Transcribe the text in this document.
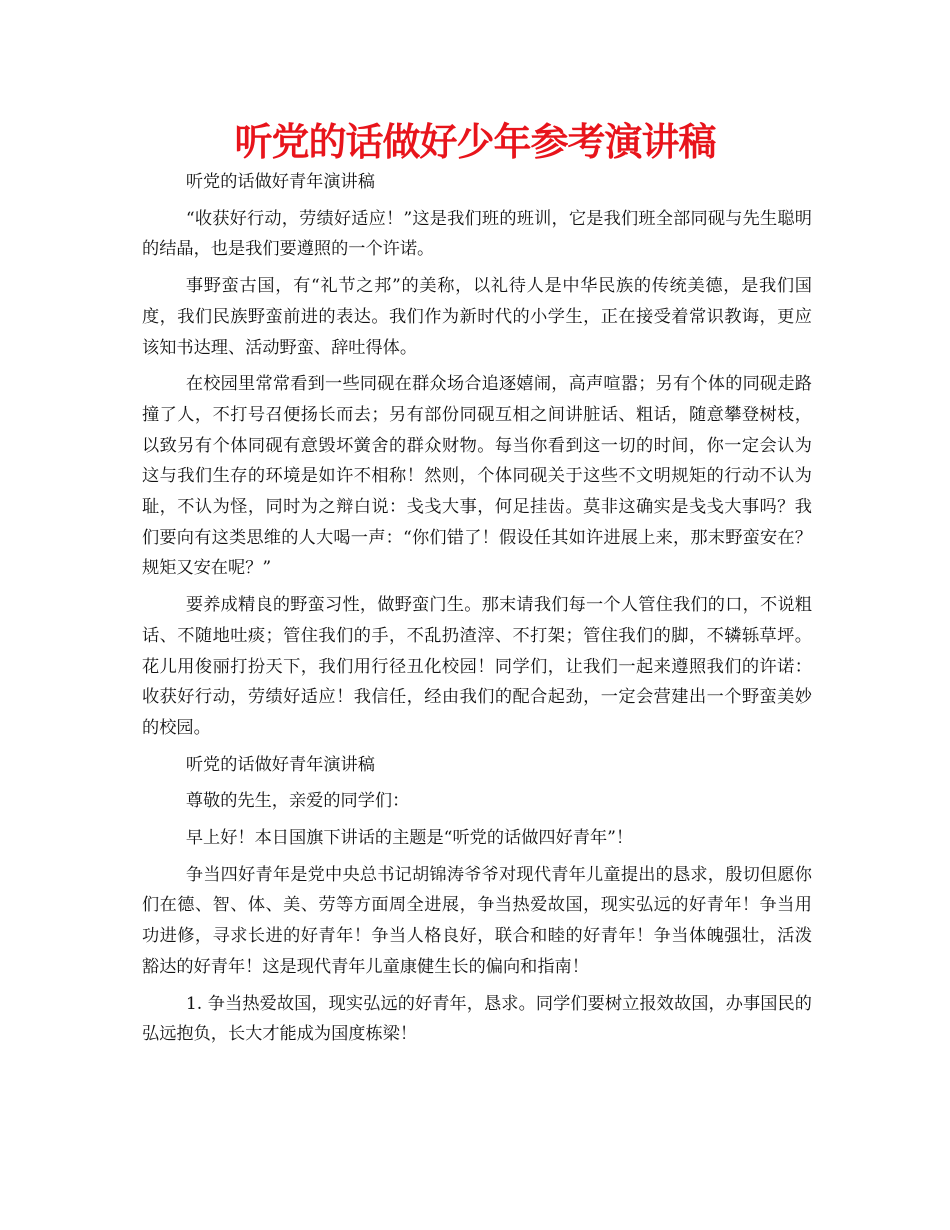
听党的话做好少年参考演讲稿

听党的话做好青年演讲稿

“收获好行动，劳绩好适应！”这是我们班的班训，它是我们班全部同砚与先生聪明的结晶，也是我们要遵照的一个许诺。

事野蛮古国，有“礼节之邦”的美称，以礼待人是中华民族的传统美德，是我们国度，我们民族野蛮前进的表达。我们作为新时代的小学生，正在接受着常识教诲，更应该知书达理、活动野蛮、辞吐得体。

在校园里常常看到一些同砚在群众场合追逐嬉闹，高声喧嚣；另有个体的同砚走路撞了人，不打号召便扬长而去；另有部份同砚互相之间讲脏话、粗话，随意攀登树枝，以致另有个体同砚有意毁坏黉舍的群众财物。每当你看到这一切的时间，你一定会认为这与我们生存的环境是如许不相称！然则，个体同砚关于这些不文明规矩的行动不认为耻，不认为怪，同时为之辩白说：戋戋大事，何足挂齿。莫非这确实是戋戋大事吗？我们要向有这类思维的人大喝一声：“你们错了！假设任其如许进展上来，那末野蛮安在？规矩又安在呢？”

要养成精良的野蛮习性，做野蛮门生。那末请我们每一个人管住我们的口，不说粗话、不随地吐痰；管住我们的手，不乱扔渣滓、不打架；管住我们的脚，不辚轹草坪。花儿用俊丽打扮天下，我们用行径丑化校园！同学们，让我们一起来遵照我们的许诺：收获好行动，劳绩好适应！我信任，经由我们的配合起劲，一定会营建出一个野蛮美妙的校园。

听党的话做好青年演讲稿

尊敬的先生，亲爱的同学们：

早上好！本日国旗下讲话的主题是“听党的话做四好青年”！

争当四好青年是党中央总书记胡锦涛爷爷对现代青年儿童提出的恳求，殷切但愿你们在德、智、体、美、劳等方面周全进展，争当热爱故国，现实弘远的好青年！争当用功进修，寻求长进的好青年！争当人格良好，联合和睦的好青年！争当体魄强壮，活泼豁达的好青年！这是现代青年儿童康健生长的偏向和指南！

1. 争当热爱故国，现实弘远的好青年，恳求。同学们要树立报效故国，办事国民的弘远抱负，长大才能成为国度栋梁！
